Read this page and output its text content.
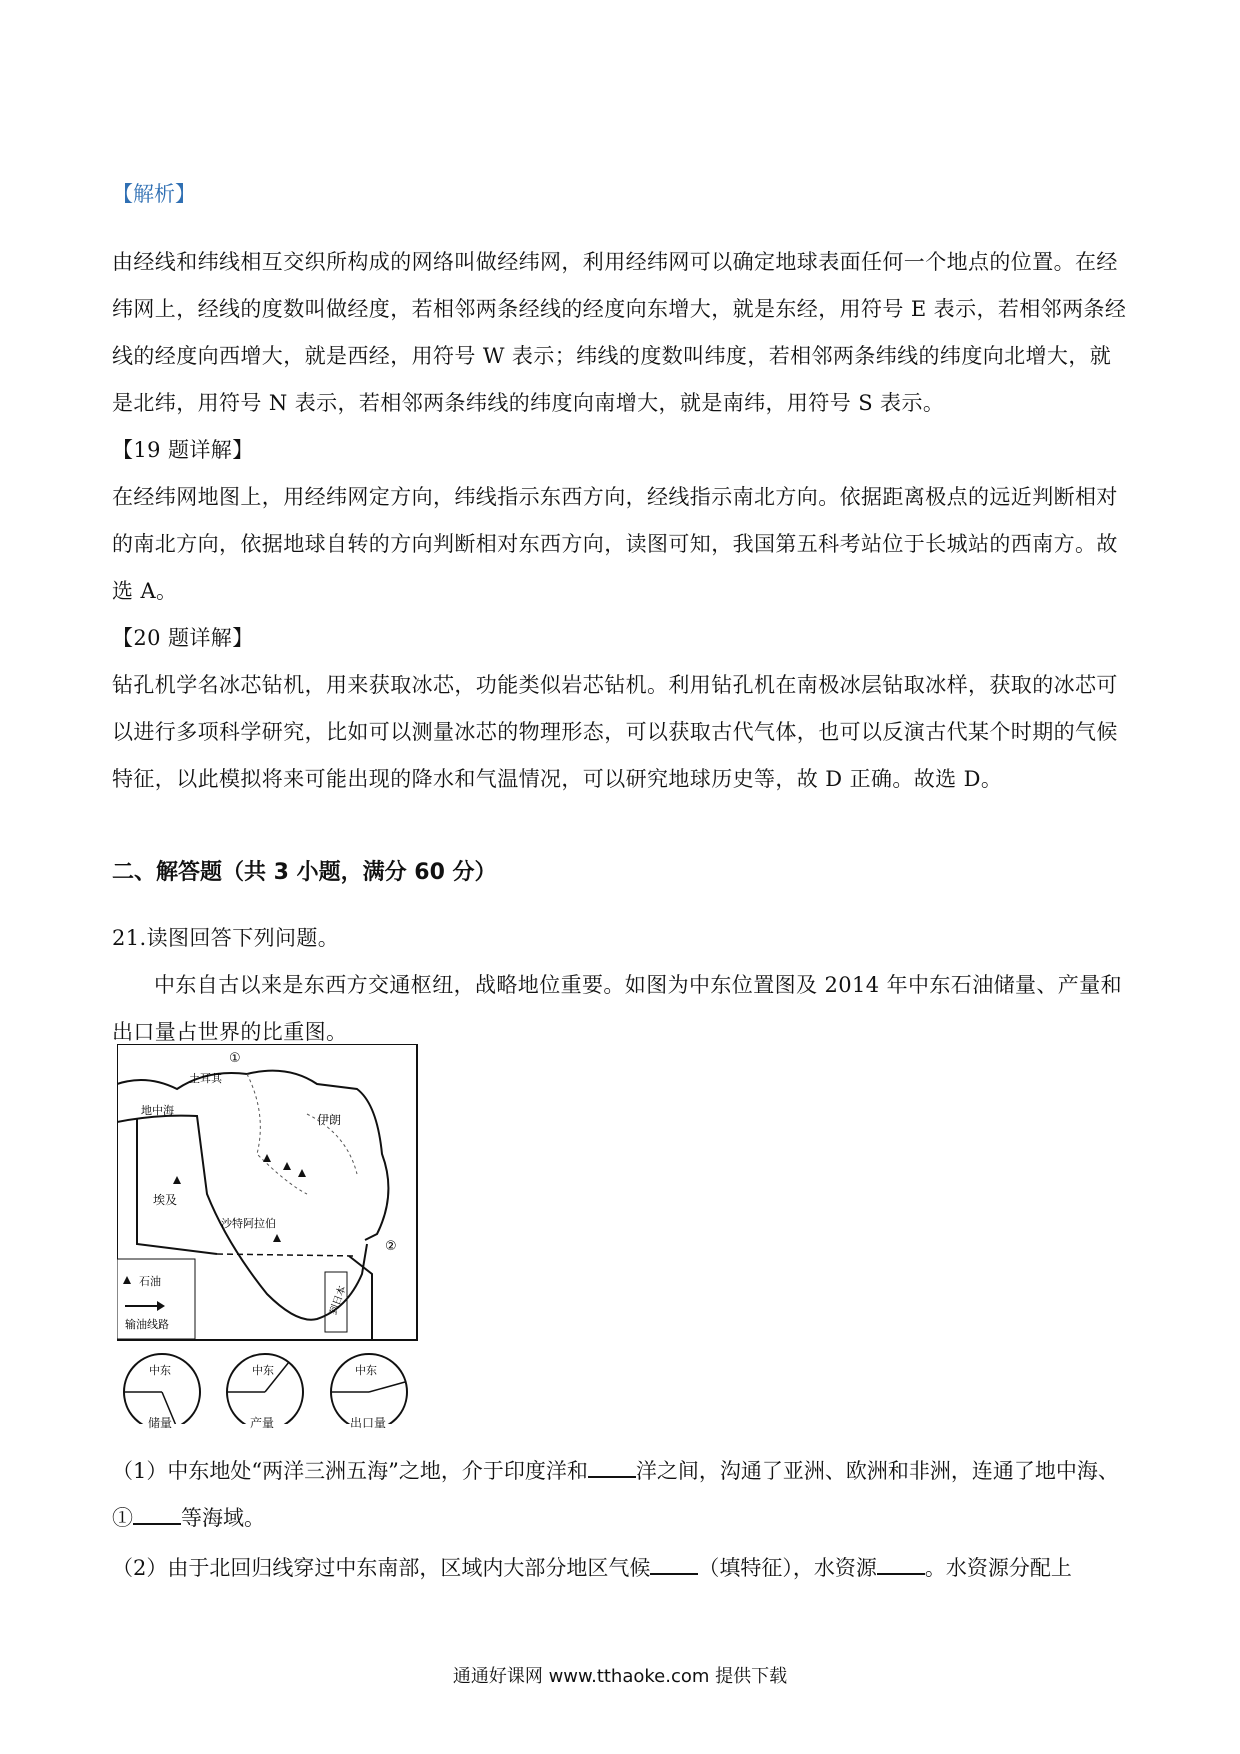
【解析】

由经线和纬线相互交织所构成的网络叫做经纬网，利用经纬网可以确定地球表面任何一个地点的位置。在经纬网上，经线的度数叫做经度，若相邻两条经线的经度向东增大，就是东经，用符号 E 表示，若相邻两条经线的经度向西增大，就是西经，用符号 W 表示；纬线的度数叫纬度，若相邻两条纬线的纬度向北增大，就是北纬，用符号 N 表示，若相邻两条纬线的纬度向南增大，就是南纬，用符号 S 表示。

【19 题详解】

在经纬网地图上，用经纬网定方向，纬线指示东西方向，经线指示南北方向。依据距离极点的远近判断相对的南北方向，依据地球自转的方向判断相对东西方向，读图可知，我国第五科考站位于长城站的西南方。故选 A。

【20 题详解】

钻孔机学名冰芯钻机，用来获取冰芯，功能类似岩芯钻机。利用钻孔机在南极冰层钻取冰样，获取的冰芯可以进行多项科学研究，比如可以测量冰芯的物理形态，可以获取古代气体，也可以反演古代某个时期的气候特征，以此模拟将来可能出现的降水和气温情况，可以研究地球历史等，故 D 正确。故选 D。

二、解答题（共 3 小题，满分 60 分）

21.读图回答下列问题。

中东自古以来是东西方交通枢纽，战略地位重要。如图为中东位置图及 2014 年中东石油储量、产量和出口量占世界的比重图。

①
土耳其
地中海
伊朗
埃及
沙特阿拉伯
②
石油
输油线路
到日本
中东	中东	中东
储量	产量	出口量
（1）中东地处“两洋三洲五海”之地，介于印度洋和 洋之间，沟通了亚洲、欧洲和非洲，连通了地中海、① 等海域。
（2）由于北回归线穿过中东南部，区域内大部分地区气候 （填特征），水资源 。水资源分配上
通通好课网 www.tthaoke.com 提供下载
